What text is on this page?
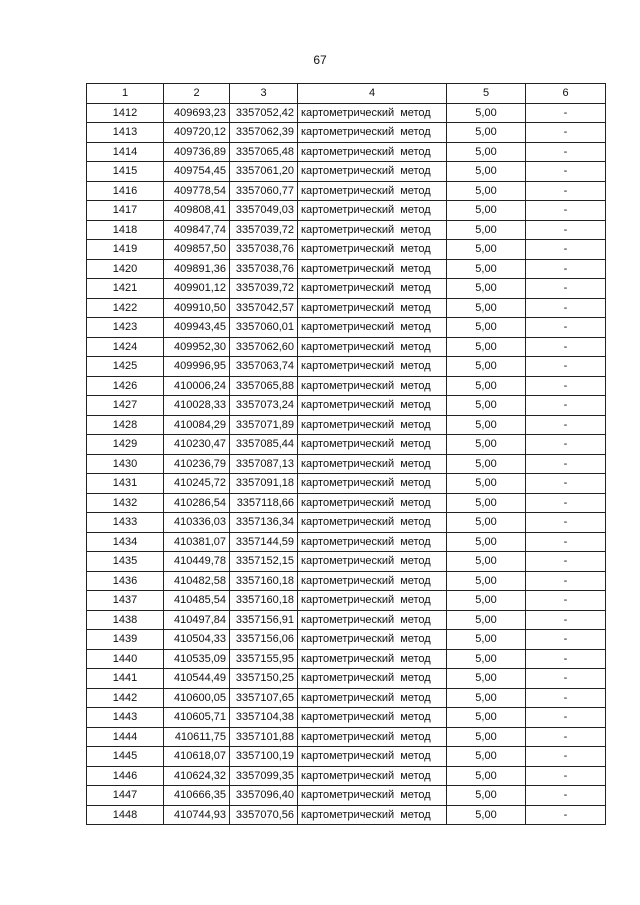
67
1	2	3	4	5	6
1412	409693,23	3357052,42	картометрический метод	5,00	-
1413	409720,12	3357062,39	картометрический метод	5,00	-
1414	409736,89	3357065,48	картометрический метод	5,00	-
1415	409754,45	3357061,20	картометрический метод	5,00	-
1416	409778,54	3357060,77	картометрический метод	5,00	-
1417	409808,41	3357049,03	картометрический метод	5,00	-
1418	409847,74	3357039,72	картометрический метод	5,00	-
1419	409857,50	3357038,76	картометрический метод	5,00	-
1420	409891,36	3357038,76	картометрический метод	5,00	-
1421	409901,12	3357039,72	картометрический метод	5,00	-
1422	409910,50	3357042,57	картометрический метод	5,00	-
1423	409943,45	3357060,01	картометрический метод	5,00	-
1424	409952,30	3357062,60	картометрический метод	5,00	-
1425	409996,95	3357063,74	картометрический метод	5,00	-
1426	410006,24	3357065,88	картометрический метод	5,00	-
1427	410028,33	3357073,24	картометрический метод	5,00	-
1428	410084,29	3357071,89	картометрический метод	5,00	-
1429	410230,47	3357085,44	картометрический метод	5,00	-
1430	410236,79	3357087,13	картометрический метод	5,00	-
1431	410245,72	3357091,18	картометрический метод	5,00	-
1432	410286,54	3357118,66	картометрический метод	5,00	-
1433	410336,03	3357136,34	картометрический метод	5,00	-
1434	410381,07	3357144,59	картометрический метод	5,00	-
1435	410449,78	3357152,15	картометрический метод	5,00	-
1436	410482,58	3357160,18	картометрический метод	5,00	-
1437	410485,54	3357160,18	картометрический метод	5,00	-
1438	410497,84	3357156,91	картометрический метод	5,00	-
1439	410504,33	3357156,06	картометрический метод	5,00	-
1440	410535,09	3357155,95	картометрический метод	5,00	-
1441	410544,49	3357150,25	картометрический метод	5,00	-
1442	410600,05	3357107,65	картометрический метод	5,00	-
1443	410605,71	3357104,38	картометрический метод	5,00	-
1444	410611,75	3357101,88	картометрический метод	5,00	-
1445	410618,07	3357100,19	картометрический метод	5,00	-
1446	410624,32	3357099,35	картометрический метод	5,00	-
1447	410666,35	3357096,40	картометрический метод	5,00	-
1448	410744,93	3357070,56	картометрический метод	5,00	-
